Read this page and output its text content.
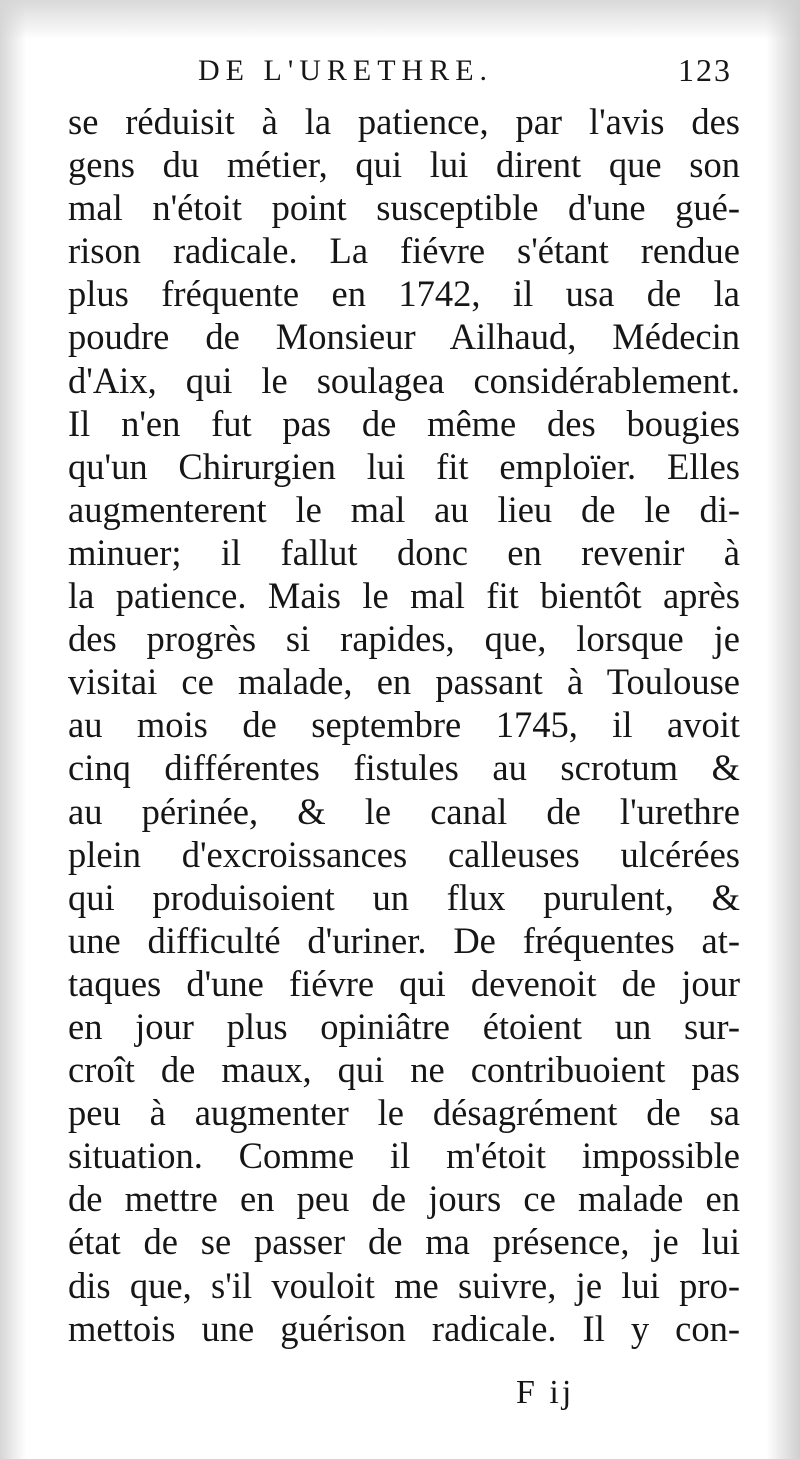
DE L'URETHRE.	123
se réduisit à la patience, par l'avis des
gens du métier, qui lui dirent que son
mal n'étoit point susceptible d'une gué-
rison radicale. La fiévre s'étant rendue
plus fréquente en 1742, il usa de la
poudre de Monsieur Ailhaud, Médecin
d'Aix, qui le soulagea considérablement.
Il n'en fut pas de même des bougies
qu'un Chirurgien lui fit emploïer. Elles
augmenterent le mal au lieu de le di-
minuer; il fallut donc en revenir à
la patience. Mais le mal fit bientôt après
des progrès si rapides, que, lorsque je
visitai ce malade, en passant à Toulouse
au mois de septembre 1745, il avoit
cinq différentes fistules au scrotum &
au périnée, & le canal de l'urethre
plein d'excroissances calleuses ulcérées
qui produisoient un flux purulent, &
une difficulté d'uriner. De fréquentes at-
taques d'une fiévre qui devenoit de jour
en jour plus opiniâtre étoient un sur-
croît de maux, qui ne contribuoient pas
peu à augmenter le désagrément de sa
situation. Comme il m'étoit impossible
de mettre en peu de jours ce malade en
état de se passer de ma présence, je lui
dis que, s'il vouloit me suivre, je lui pro-
mettois une guérison radicale. Il y con-
F ij
